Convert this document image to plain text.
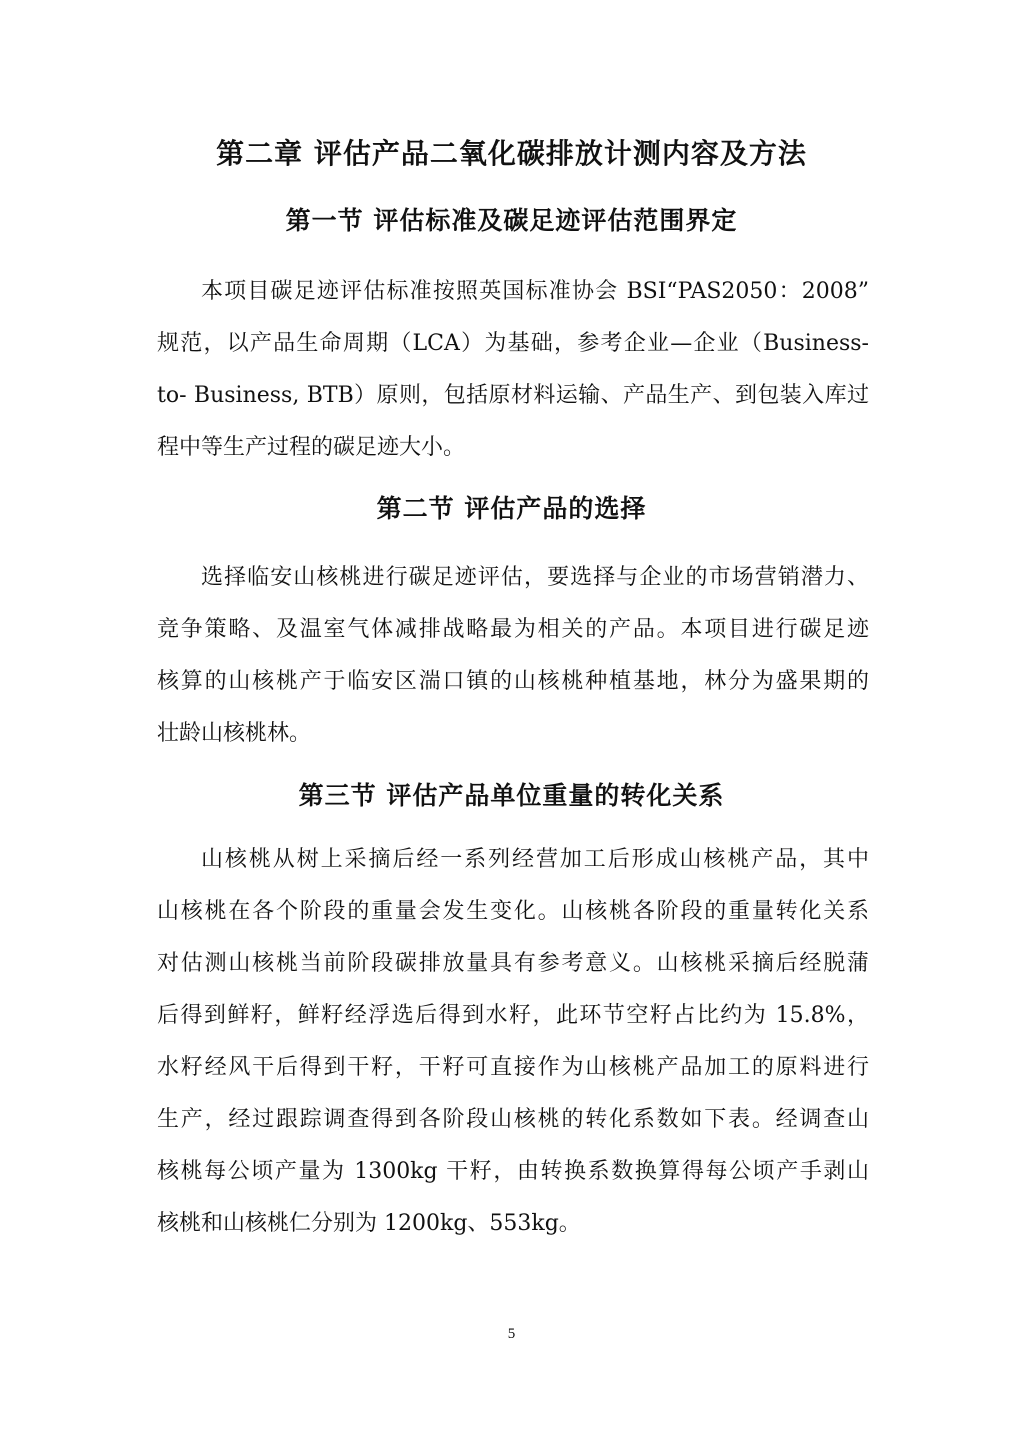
第二章 评估产品二氧化碳排放计测内容及方法
第一节 评估标准及碳足迹评估范围界定
本项目碳足迹评估标准按照英国标准协会 BSI“PAS2050：2008”
规范，以产品生命周期（LCA）为基础，参考企业—企业（Business-
to- Business, BTB）原则，包括原材料运输、产品生产、到包装入库过
程中等生产过程的碳足迹大小。
第二节 评估产品的选择
选择临安山核桃进行碳足迹评估，要选择与企业的市场营销潜力、
竞争策略、及温室气体减排战略最为相关的产品。本项目进行碳足迹
核算的山核桃产于临安区湍口镇的山核桃种植基地，林分为盛果期的
壮龄山核桃林。
第三节 评估产品单位重量的转化关系
山核桃从树上采摘后经一系列经营加工后形成山核桃产品，其中
山核桃在各个阶段的重量会发生变化。山核桃各阶段的重量转化关系
对估测山核桃当前阶段碳排放量具有参考意义。山核桃采摘后经脱蒲
后得到鲜籽，鲜籽经浮选后得到水籽，此环节空籽占比约为 15.8%，
水籽经风干后得到干籽，干籽可直接作为山核桃产品加工的原料进行
生产，经过跟踪调查得到各阶段山核桃的转化系数如下表。经调查山
核桃每公顷产量为 1300kg 干籽，由转换系数换算得每公顷产手剥山
核桃和山核桃仁分别为 1200kg、553kg。
5
